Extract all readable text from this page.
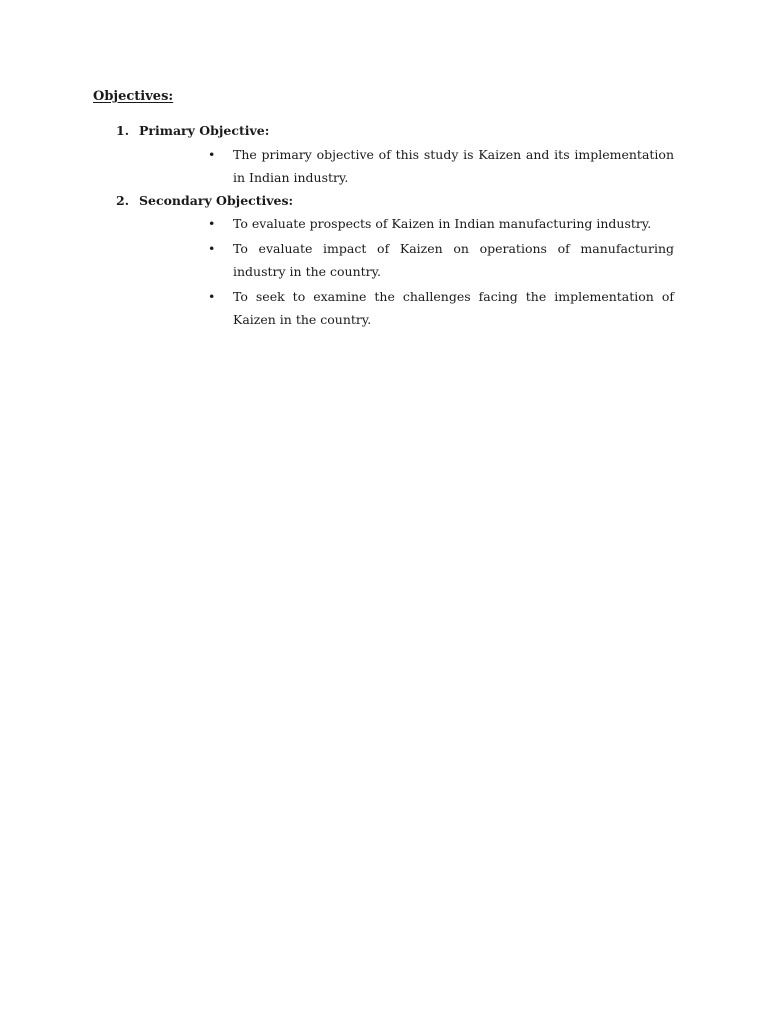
Objectives:
1. Primary Objective:
• The primary objective of this study is Kaizen and its implementation in Indian industry.
2. Secondary Objectives:
• To evaluate prospects of Kaizen in Indian manufacturing industry.
• To evaluate impact of Kaizen on operations of manufacturing industry in the country.
• To seek to examine the challenges facing the implementation of Kaizen in the country.
